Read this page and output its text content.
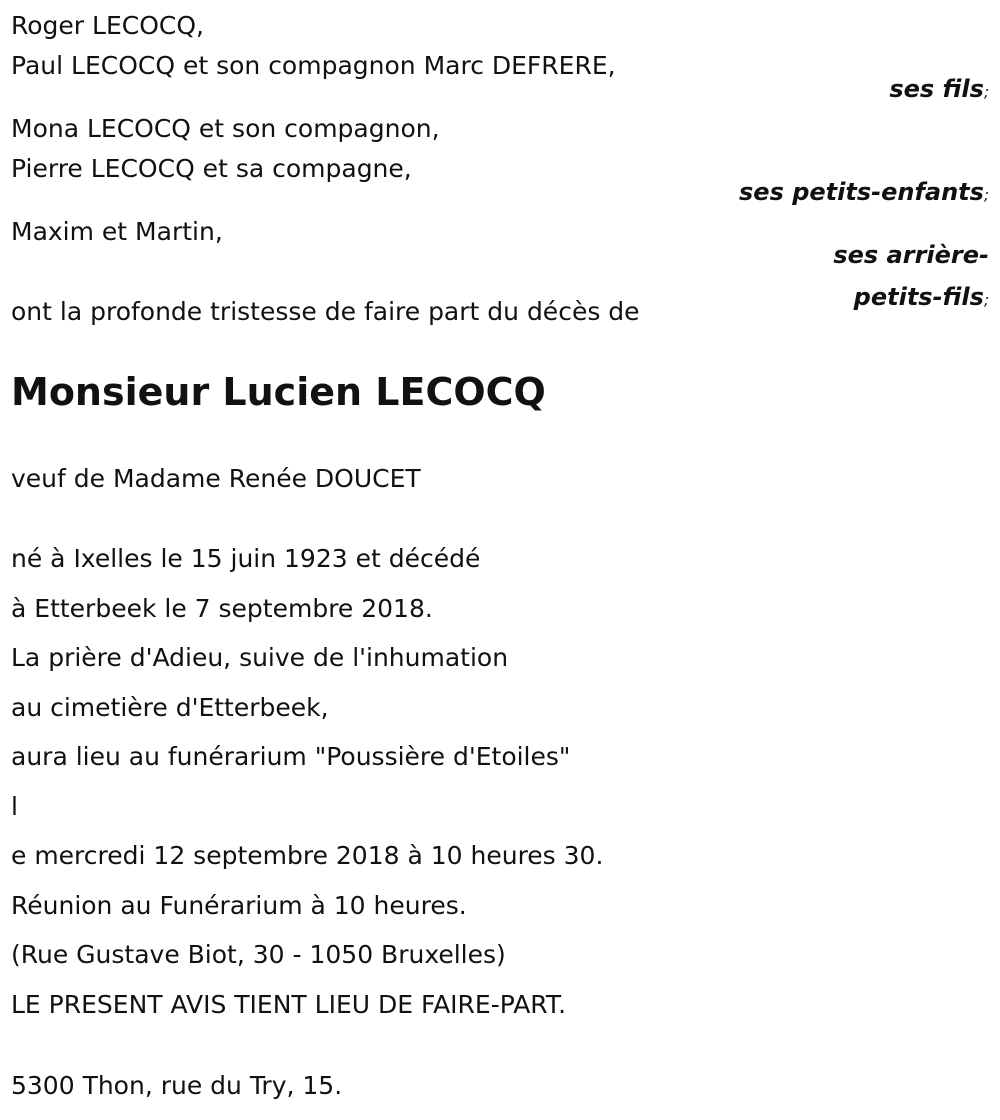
Roger LECOCQ,
Paul LECOCQ et son compagnon Marc DEFRERE,
ses fils;
Mona LECOCQ et son compagnon,
Pierre LECOCQ et sa compagne,
ses petits-enfants;
Maxim et Martin,
ses arrière-
petits-fils;
ont la profonde tristesse de faire part du décès de
Monsieur Lucien LECOCQ
veuf de Madame Renée DOUCET
né à Ixelles le 15 juin 1923 et décédé
à Etterbeek le 7 septembre 2018.
La prière d'Adieu, suive de l'inhumation
au cimetière d'Etterbeek,
aura lieu au funérarium "Poussière d'Etoiles"
l
e mercredi 12 septembre 2018 à 10 heures 30.
Réunion au Funérarium à 10 heures.
(Rue Gustave Biot, 30 - 1050 Bruxelles)
LE PRESENT AVIS TIENT LIEU DE FAIRE-PART.
5300 Thon, rue du Try, 15.
